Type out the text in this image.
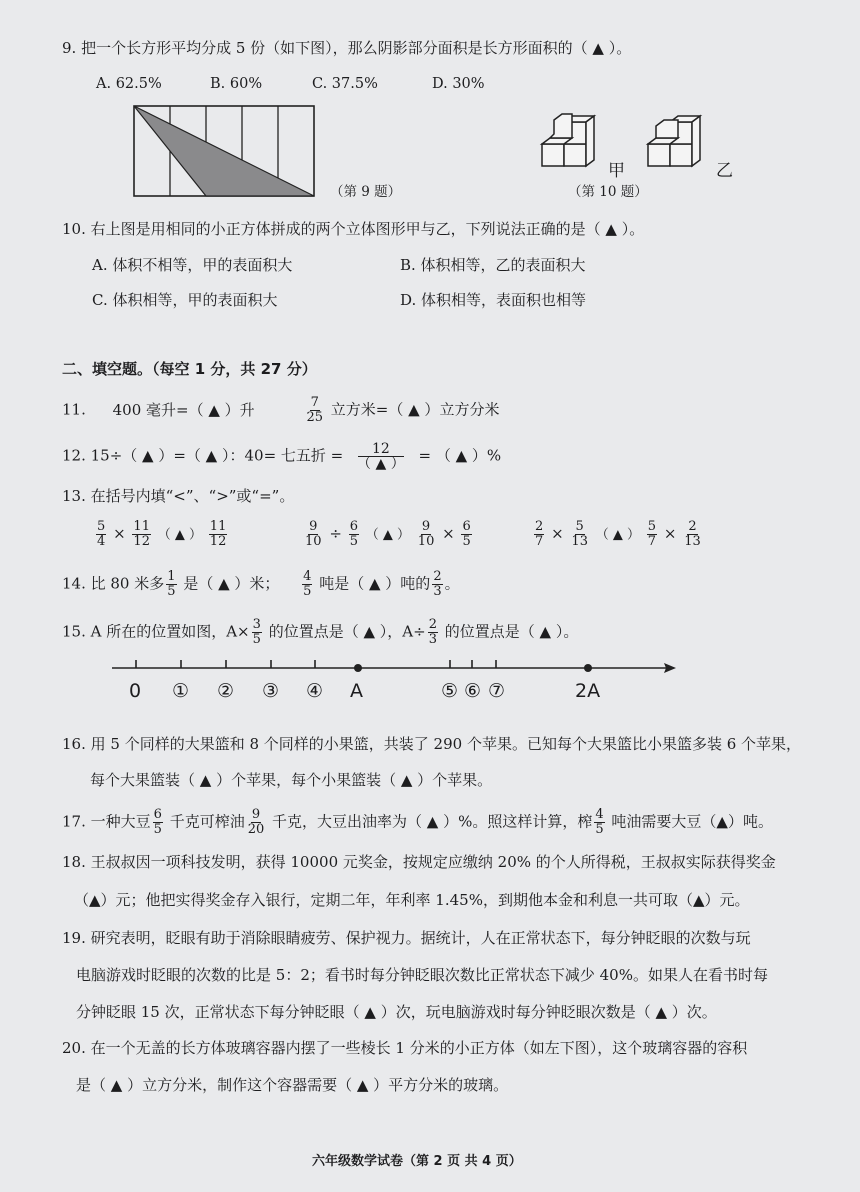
9. 把一个长方形平均分成 5 份（如下图），那么阴影部分面积是长方形面积的（ ▲ ）。
A. 62.5%	B. 60%	C. 37.5%	D. 30%
（第 9 题）
甲	乙
（第 10 题）
10. 右上图是用相同的小正方体拼成的两个立体图形甲与乙，下列说法正确的是（ ▲ ）。
A. 体积不相等，甲的表面积大	B. 体积相等，乙的表面积大
C. 体积相等，甲的表面积大	D. 体积相等，表面积也相等
二、填空题。（每空 1 分，共 27 分）
11. 400 毫升=（ ▲ ）升	$\frac{7}{25}$ 立方米=（ ▲ ）立方分米
12. 15÷（ ▲ ）=（ ▲ ）：40= 七五折 = $\frac{12}{( ▲ )}$ = （ ▲ ）%
13. 在括号内填“<”、“>”或“=”。
$\frac{5}{4} \times \frac{11}{12}$ （ ▲ ） $\frac{11}{12}$	$\frac{9}{10} \div \frac{6}{5}$ （ ▲ ） $\frac{9}{10} \times \frac{6}{5}$	$\frac{2}{7} \times \frac{5}{13}$ （ ▲ ） $\frac{5}{7} \times \frac{2}{13}$
14. 比 80 米多 $\frac{1}{5}$ 是（ ▲ ）米； $\frac{4}{5}$ 吨是（ ▲ ）吨的 $\frac{2}{3}$ 。
15. A 所在的位置如图，$A\times \frac{3}{5}$ 的位置点是（ ▲ ），$A\div \frac{2}{3}$ 的位置点是（ ▲ ）。
0 ① ② ③ ④ A	⑤ ⑥ ⑦	2A
16. 用 5 个同样的大果篮和 8 个同样的小果篮，共装了 290 个苹果。已知每个大果篮比小果篮多装 6 个苹果，
每个大果篮装（ ▲ ）个苹果，每个小果篮装（ ▲ ）个苹果。
17. 一种大豆 $\frac{6}{5}$ 千克可榨油 $\frac{9}{20}$ 千克，大豆出油率为（ ▲ ）%。照这样计算，榨 $\frac{4}{5}$ 吨油需要大豆（▲）吨。
18. 王叔叔因一项科技发明，获得 10000 元奖金，按规定应缴纳 20% 的个人所得税，王叔叔实际获得奖金
（▲）元；他把实得奖金存入银行，定期二年，年利率 1.45%，到期他本金和利息一共可取（▲）元。
19. 研究表明，眨眼有助于消除眼睛疲劳、保护视力。据统计，人在正常状态下，每分钟眨眼的次数与玩
电脑游戏时眨眼的次数的比是 5：2；看书时每分钟眨眼次数比正常状态下减少 40%。如果人在看书时每
分钟眨眼 15 次，正常状态下每分钟眨眼（ ▲ ）次，玩电脑游戏时每分钟眨眼次数是（ ▲ ）次。
20. 在一个无盖的长方体玻璃容器内摆了一些棱长 1 分米的小正方体（如左下图），这个玻璃容器的容积
是（ ▲ ）立方分米，制作这个容器需要（ ▲ ）平方分米的玻璃。
六年级数学试卷（第 2 页 共 4 页）
